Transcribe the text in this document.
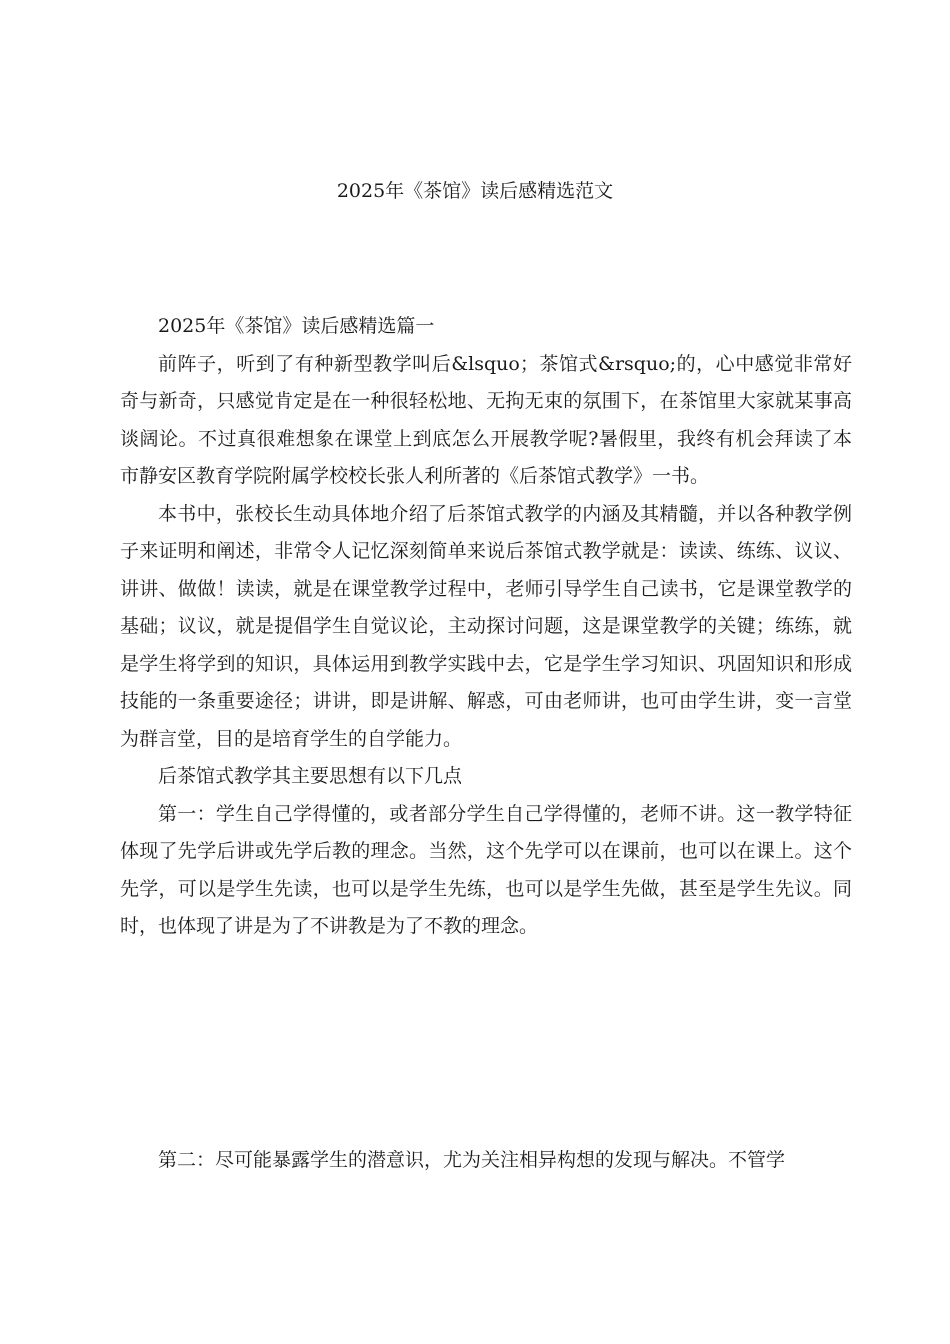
2025年《茶馆》读后感精选范文

2025年《茶馆》读后感精选篇一

前阵子，听到了有种新型教学叫后&lsquo；茶馆式&rsquo;的，心中感觉非常好奇与新奇，只感觉肯定是在一种很轻松地、无拘无束的氛围下，在茶馆里大家就某事高谈阔论。不过真很难想象在课堂上到底怎么开展教学呢?暑假里，我终有机会拜读了本市静安区教育学院附属学校校长张人利所著的《后茶馆式教学》一书。

本书中，张校长生动具体地介绍了后茶馆式教学的内涵及其精髓，并以各种教学例子来证明和阐述，非常令人记忆深刻简单来说后茶馆式教学就是：读读、练练、议议、讲讲、做做！读读，就是在课堂教学过程中，老师引导学生自己读书，它是课堂教学的基础；议议，就是提倡学生自觉议论，主动探讨问题，这是课堂教学的关键；练练，就是学生将学到的知识，具体运用到教学实践中去，它是学生学习知识、巩固知识和形成技能的一条重要途径；讲讲，即是讲解、解惑，可由老师讲，也可由学生讲，变一言堂为群言堂，目的是培育学生的自学能力。

后茶馆式教学其主要思想有以下几点

第一：学生自己学得懂的，或者部分学生自己学得懂的，老师不讲。这一教学特征体现了先学后讲或先学后教的理念。当然，这个先学可以在课前，也可以在课上。这个先学，可以是学生先读，也可以是学生先练，也可以是学生先做，甚至是学生先议。同时，也体现了讲是为了不讲教是为了不教的理念。

第二：尽可能暴露学生的潜意识，尤为关注相异构想的发现与解决。不管学
